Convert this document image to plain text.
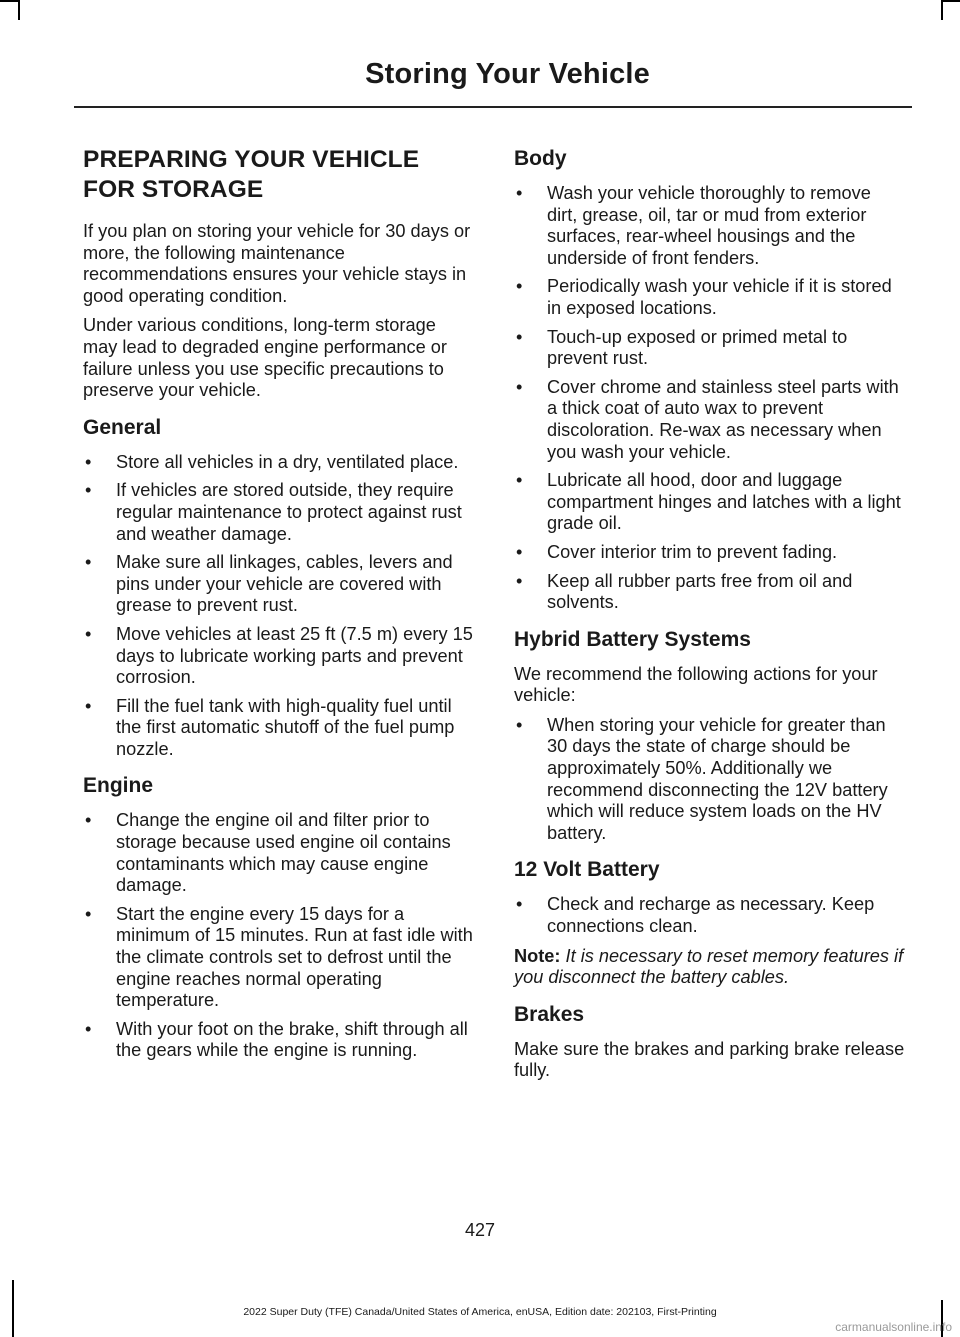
Storing Your Vehicle
PREPARING YOUR VEHICLE
FOR STORAGE

If you plan on storing your vehicle for 30 days or more, the following maintenance recommendations ensures your vehicle stays in good operating condition.

Under various conditions, long-term storage may lead to degraded engine performance or failure unless you use specific precautions to preserve your vehicle.

General
• Store all vehicles in a dry, ventilated place.
• If vehicles are stored outside, they require regular maintenance to protect against rust and weather damage.
• Make sure all linkages, cables, levers and pins under your vehicle are covered with grease to prevent rust.
• Move vehicles at least 25 ft (7.5 m) every 15 days to lubricate working parts and prevent corrosion.
• Fill the fuel tank with high-quality fuel until the first automatic shutoff of the fuel pump nozzle.
Engine
• Change the engine oil and filter prior to storage because used engine oil contains contaminants which may cause engine damage.
• Start the engine every 15 days for a minimum of 15 minutes. Run at fast idle with the climate controls set to defrost until the engine reaches normal operating temperature.
• With your foot on the brake, shift through all the gears while the engine is running.
Body
• Wash your vehicle thoroughly to remove dirt, grease, oil, tar or mud from exterior surfaces, rear-wheel housings and the underside of front fenders.
• Periodically wash your vehicle if it is stored in exposed locations.
• Touch-up exposed or primed metal to prevent rust.
• Cover chrome and stainless steel parts with a thick coat of auto wax to prevent discoloration. Re-wax as necessary when you wash your vehicle.
• Lubricate all hood, door and luggage compartment hinges and latches with a light grade oil.
• Cover interior trim to prevent fading.
• Keep all rubber parts free from oil and solvents.
Hybrid Battery Systems

We recommend the following actions for your vehicle:

• When storing your vehicle for greater than 30 days the state of charge should be approximately 50%. Additionally we recommend disconnecting the 12V battery which will reduce system loads on the HV battery.
12 Volt Battery
• Check and recharge as necessary. Keep connections clean.

Note: It is necessary to reset memory features if you disconnect the battery cables.

Brakes

Make sure the brakes and parking brake release fully.

427
2022 Super Duty (TFE) Canada/United States of America, enUSA, Edition date: 202103, First-Printing
carmanualsonline.info
